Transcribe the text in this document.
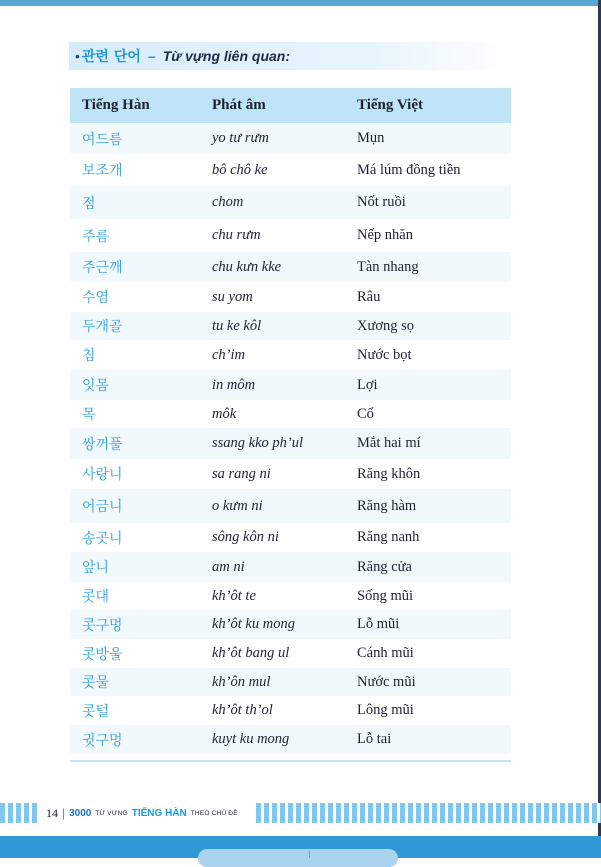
• 관련 단어 – Từ vựng liên quan:
Tiếng Hàn	Phát âm	Tiếng Việt
여드름	yo tư rưm	Mụn
보조개	bô chô ke	Má lúm đồng tiền
점	chom	Nốt ruồi
주름	chu rưm	Nếp nhăn
주근깨	chu kưn kke	Tàn nhang
수염	su yom	Râu
두개골	tu ke kôl	Xương sọ
침	ch’im	Nước bọt
잇몸	in môm	Lợi
목	môk	Cổ
쌍꺼풀	ssang kko ph’ul	Mắt hai mí
사랑니	sa rang ni	Răng khôn
어금니	o kưm ni	Răng hàm
송곳니	sông kôn ni	Răng nanh
앞니	am ni	Răng cửa
콧대	kh’ôt te	Sống mũi
콧구멍	kh’ôt ku mong	Lỗ mũi
콧방울	kh’ôt bang ul	Cánh mũi
콧물	kh’ôn mul	Nước mũi
콧털	kh’ôt th’ol	Lông mũi
귓구멍	kuyt ku mong	Lỗ tai

14 | 3000 TỪ VỰNG TIẾNG HÀN THEO CHỦ ĐỀ
